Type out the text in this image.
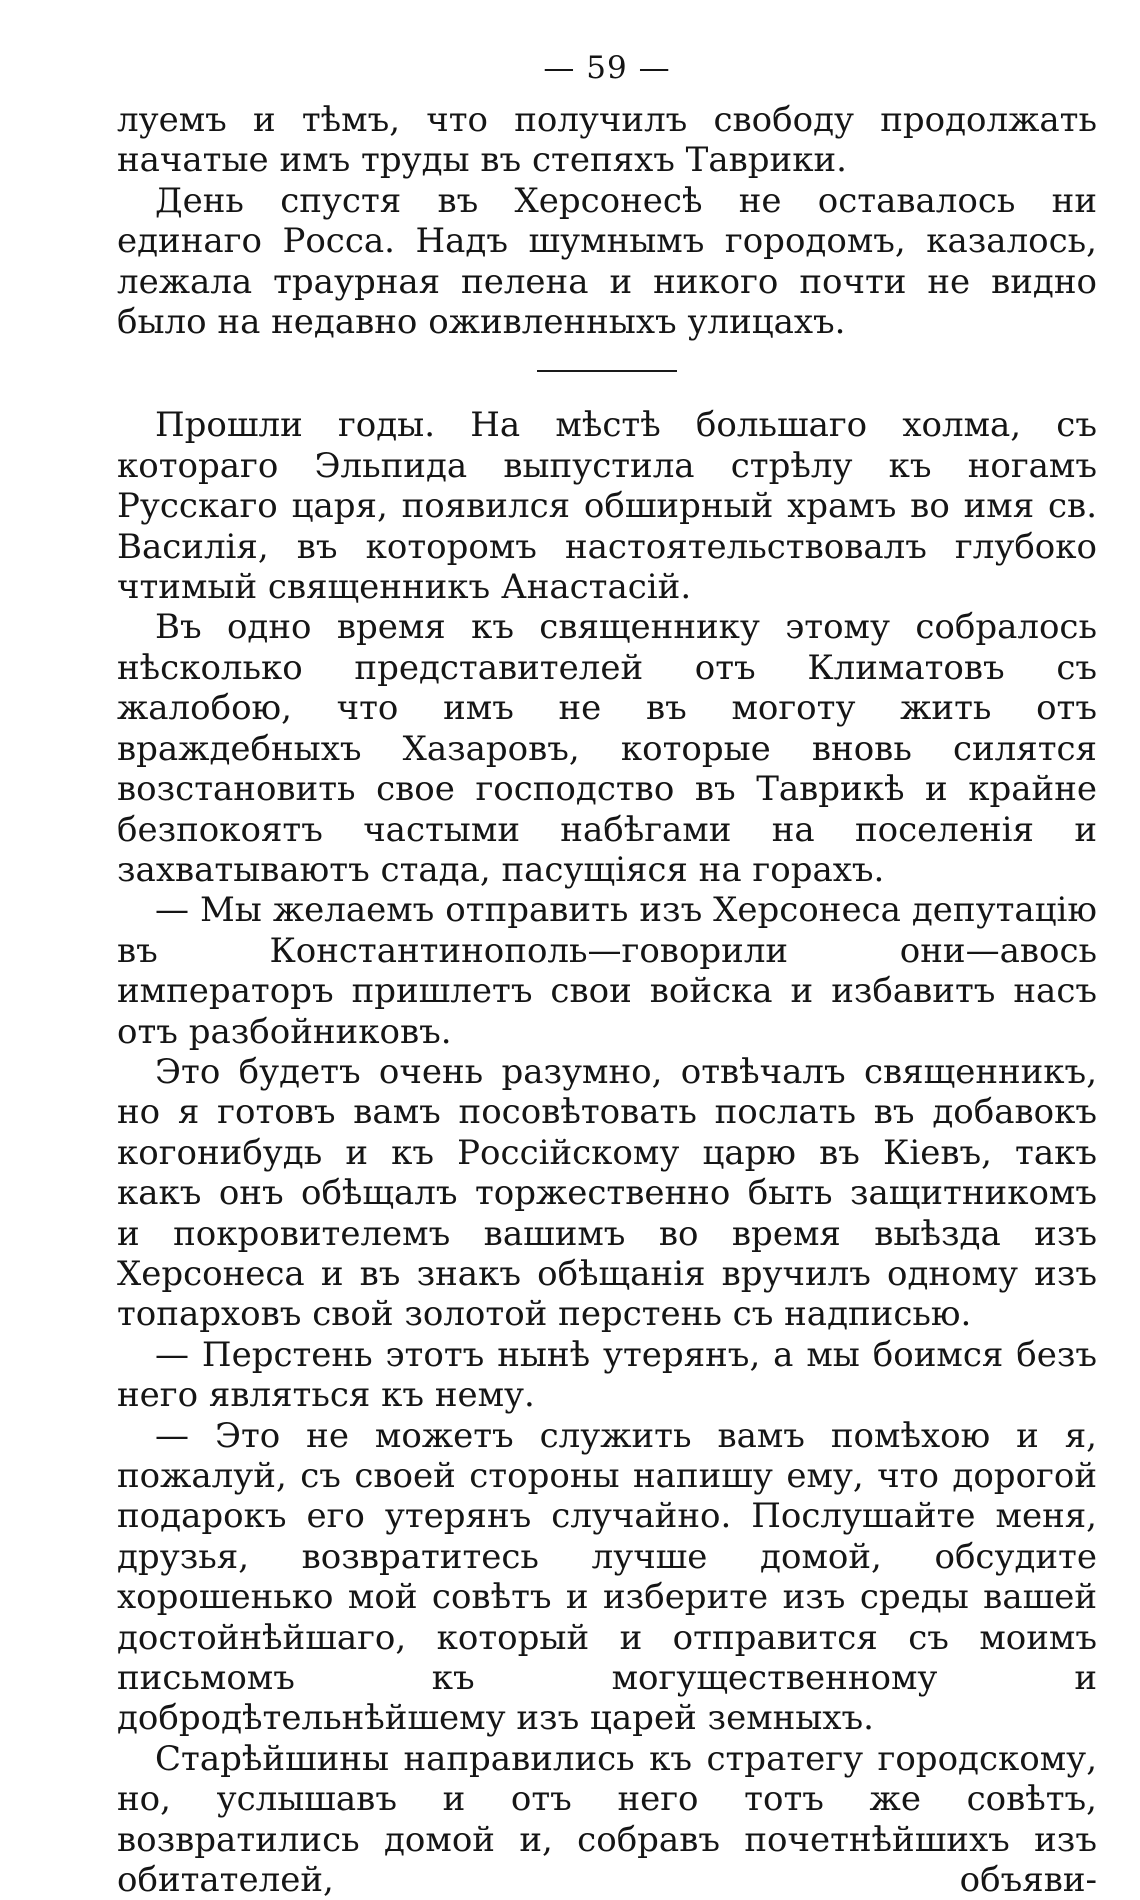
— 59 —

луемъ и тѣмъ, что получилъ свободу продолжать начатые имъ труды въ степяхъ Таврики.

День спустя въ Херсонесѣ не оставалось ни единаго Росса. Надъ шумнымъ городомъ, казалось, лежала траурная пелена и никого почти не видно было на недавно оживленныхъ улицахъ.

Прошли годы. На мѣстѣ большаго холма, съ котораго Эльпида выпустила стрѣлу къ ногамъ Русскаго царя, появился обширный храмъ во имя св. Василія, въ которомъ настоятельствовалъ глубоко чтимый священникъ Анастасій.

Въ одно время къ священнику этому собралось нѣсколько представителей отъ Климатовъ съ жалобою, что имъ не въ моготу жить отъ враждебныхъ Хазаровъ, которые вновь силятся возстановить свое господство въ Таврикѣ и крайне безпокоятъ частыми набѣгами на поселенія и захватываютъ стада, пасущіяся на горахъ.

— Мы желаемъ отправить изъ Херсонеса депутацію въ Константинополь—говорили они—авось императоръ пришлетъ свои войска и избавитъ насъ отъ разбойниковъ.

Это будетъ очень разумно, отвѣчалъ священникъ, но я готовъ вамъ посовѣтовать послать въ добавокъ когонибудь и къ Россійскому царю въ Кіевъ, такъ какъ онъ обѣщалъ торжественно быть защитникомъ и покровителемъ вашимъ во время выѣзда изъ Херсонеса и въ знакъ обѣщанія вручилъ одному изъ топарховъ свой золотой перстень съ надписью.

— Перстень этотъ нынѣ утерянъ, а мы боимся безъ него являться къ нему.

— Это не можетъ служить вамъ помѣхою и я, пожалуй, съ своей стороны напишу ему, что дорогой подарокъ его утерянъ случайно. Послушайте меня, друзья, возвратитесь лучше домой, обсудите хорошенько мой совѣтъ и изберите изъ среды вашей достойнѣйшаго, который и отправится съ моимъ письмомъ къ могущественному и добродѣтельнѣйшему изъ царей земныхъ.

Старѣйшины направились къ стратегу городскому, но, услышавъ и отъ него тотъ же совѣтъ, возвратились домой и, собравъ почетнѣйшихъ изъ обитателей, объяви-
